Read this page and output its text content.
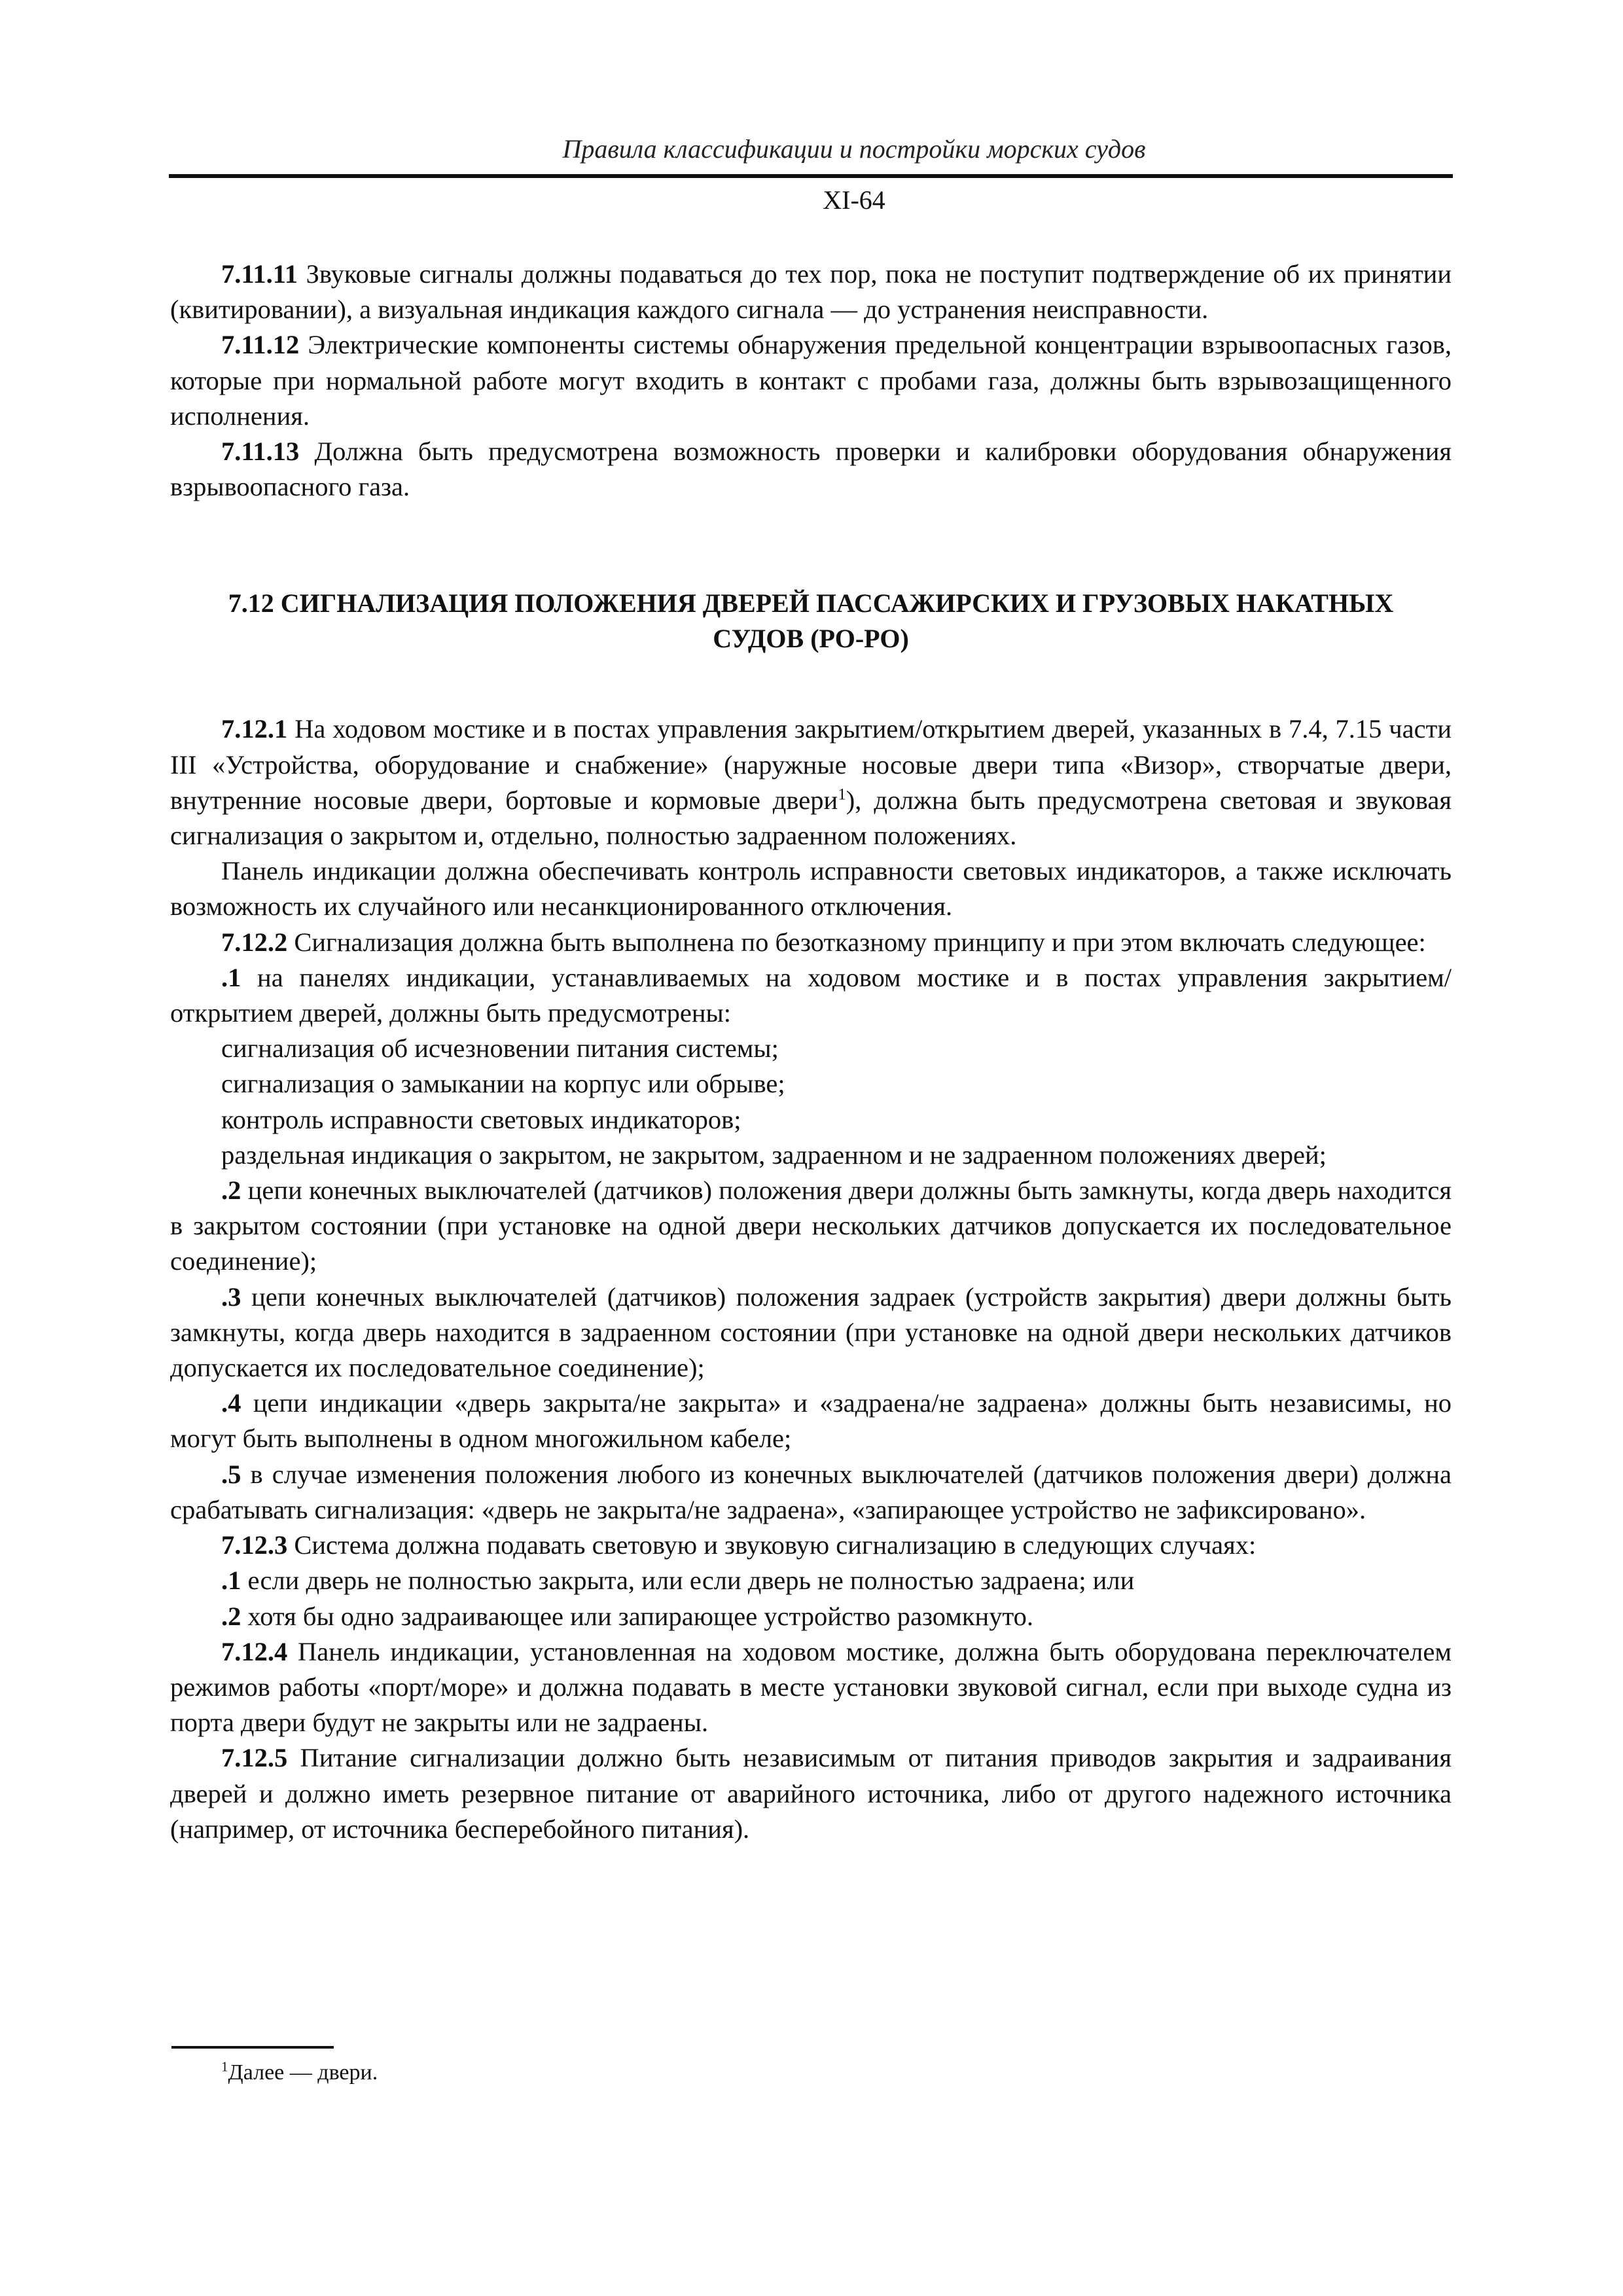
Правила классификации и постройки морских судов
XI-64

7.11.11 Звуковые сигналы должны подаваться до тех пор, пока не поступит подтверждение об их принятии (квитировании), а визуальная индикация каждого сигнала — до устранения неисправности.

7.11.12 Электрические компоненты системы обнаружения предельной концентрации взрывоопасных газов, которые при нормальной работе могут входить в контакт с пробами газа, должны быть взрывозащищенного исполнения.

7.11.13 Должна быть предусмотрена возможность проверки и калибровки оборудования обнаружения взрывоопасного газа.

7.12 СИГНАЛИЗАЦИЯ ПОЛОЖЕНИЯ ДВЕРЕЙ ПАССАЖИРСКИХ И ГРУЗОВЫХ НАКАТНЫХ
СУДОВ (РО-РО)

7.12.1 На ходовом мостике и в постах управления закрытием/открытием дверей, указанных в 7.4, 7.15 части III «Устройства, оборудование и снабжение» (наружные носовые двери типа «Визор», створчатые двери, внутренние носовые двери, бортовые и кормовые двери$^1$), должна быть предусмотрена световая и звуковая сигнализация о закрытом и, отдельно, полностью задраенном положениях.

Панель индикации должна обеспечивать контроль исправности световых индикаторов, а также исключать возможность их случайного или несанкционированного отключения.

7.12.2 Сигнализация должна быть выполнена по безотказному принципу и при этом включать следующее:

.1 на панелях индикации, устанавливаемых на ходовом мостике и в постах управления закрытием/открытием дверей, должны быть предусмотрены:

сигнализация об исчезновении питания системы;

сигнализация о замыкании на корпус или обрыве;

контроль исправности световых индикаторов;

раздельная индикация о закрытом, не закрытом, задраенном и не задраенном положениях дверей;

.2 цепи конечных выключателей (датчиков) положения двери должны быть замкнуты, когда дверь находится в закрытом состоянии (при установке на одной двери нескольких датчиков допускается их последовательное соединение);

.3 цепи конечных выключателей (датчиков) положения задраек (устройств закрытия) двери должны быть замкнуты, когда дверь находится в задраенном состоянии (при установке на одной двери нескольких датчиков допускается их последовательное соединение);

.4 цепи индикации «дверь закрыта/не закрыта» и «задраена/не задраена» должны быть независимы, но могут быть выполнены в одном многожильном кабеле;

.5 в случае изменения положения любого из конечных выключателей (датчиков положения двери) должна срабатывать сигнализация: «дверь не закрыта/не задраена», «запирающее устройство не зафиксировано».

7.12.3 Система должна подавать световую и звуковую сигнализацию в следующих случаях:

.1 если дверь не полностью закрыта, или если дверь не полностью задраена; или

.2 хотя бы одно задраивающее или запирающее устройство разомкнуто.

7.12.4 Панель индикации, установленная на ходовом мостике, должна быть оборудована переключателем режимов работы «порт/море» и должна подавать в месте установки звуковой сигнал, если при выходе судна из порта двери будут не закрыты или не задраены.

7.12.5 Питание сигнализации должно быть независимым от питания приводов закрытия и задраивания дверей и должно иметь резервное питание от аварийного источника, либо от другого надежного источника (например, от источника бесперебойного питания).

$^1$Далее — двери.
